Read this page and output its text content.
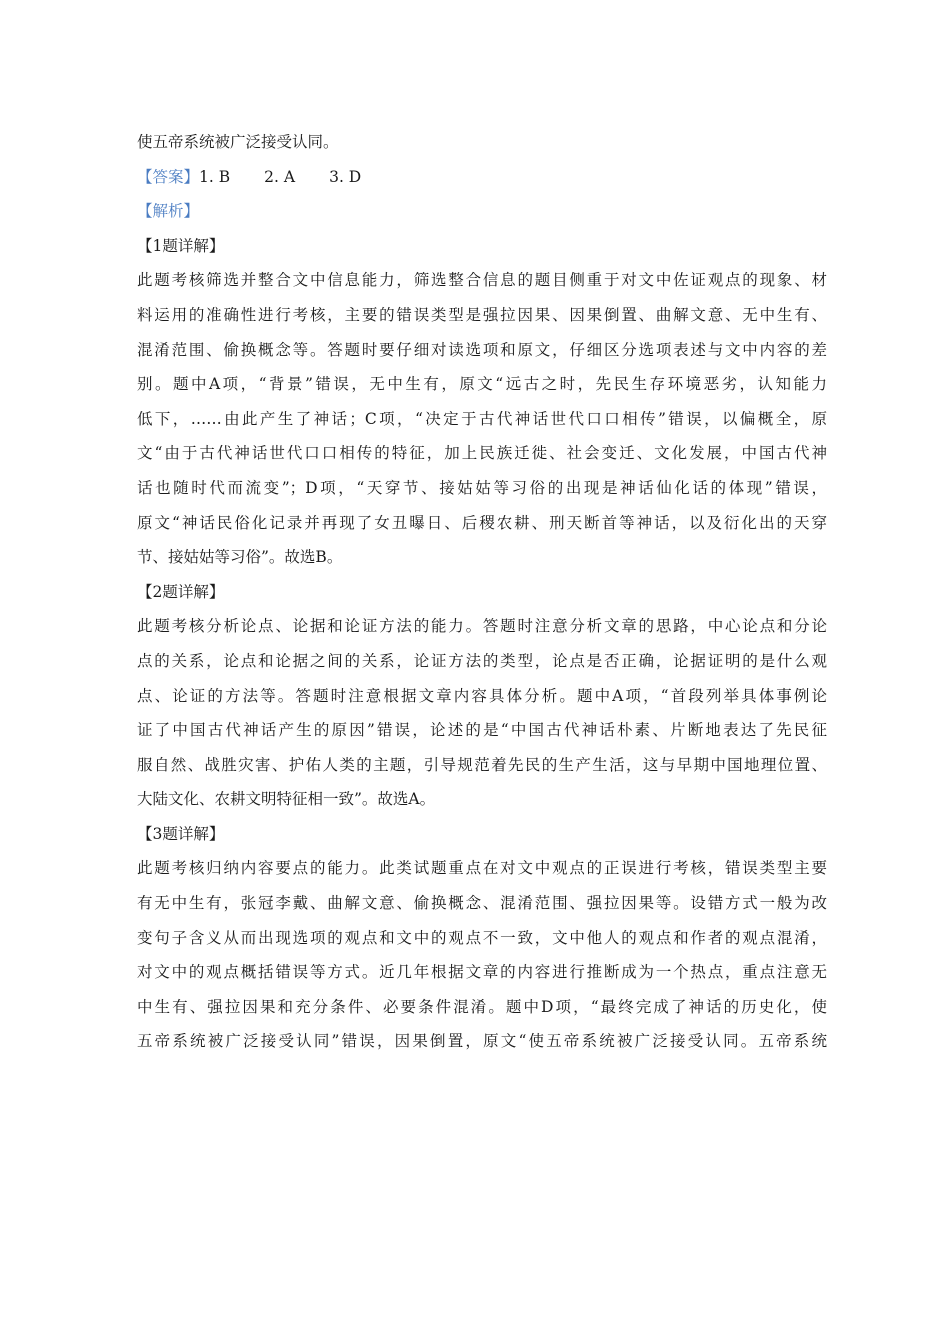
使五帝系统被广泛接受认同。
【答案】1. B 2. A 3. D
【解析】
【1题详解】
此题考核筛选并整合文中信息能力，筛选整合信息的题目侧重于对文中佐证观点的现象、材
料运用的准确性进行考核，主要的错误类型是强拉因果、因果倒置、曲解文意、无中生有、
混淆范围、偷换概念等。答题时要仔细对读选项和原文，仔细区分选项表述与文中内容的差
别。题中A项，“背景”错误，无中生有，原文“远古之时，先民生存环境恶劣，认知能力
低下，……由此产生了神话；C项，“决定于古代神话世代口口相传”错误，以偏概全，原
文“由于古代神话世代口口相传的特征，加上民族迁徙、社会变迁、文化发展，中国古代神
话也随时代而流变”；D项，“天穿节、接姑姑等习俗的出现是神话仙化话的体现”错误，
原文“神话民俗化记录并再现了女丑曝日、后稷农耕、刑天断首等神话，以及衍化出的天穿
节、接姑姑等习俗”。故选B。
【2题详解】
此题考核分析论点、论据和论证方法的能力。答题时注意分析文章的思路，中心论点和分论
点的关系，论点和论据之间的关系，论证方法的类型，论点是否正确，论据证明的是什么观
点、论证的方法等。答题时注意根据文章内容具体分析。题中A项，“首段列举具体事例论
证了中国古代神话产生的原因”错误，论述的是“中国古代神话朴素、片断地表达了先民征
服自然、战胜灾害、护佑人类的主题，引导规范着先民的生产生活，这与早期中国地理位置、
大陆文化、农耕文明特征相一致”。故选A。
【3题详解】
此题考核归纳内容要点的能力。此类试题重点在对文中观点的正误进行考核，错误类型主要
有无中生有，张冠李戴、曲解文意、偷换概念、混淆范围、强拉因果等。设错方式一般为改
变句子含义从而出现选项的观点和文中的观点不一致，文中他人的观点和作者的观点混淆，
对文中的观点概括错误等方式。近几年根据文章的内容进行推断成为一个热点，重点注意无
中生有、强拉因果和充分条件、必要条件混淆。题中D项，“最终完成了神话的历史化，使
五帝系统被广泛接受认同”错误，因果倒置，原文“使五帝系统被广泛接受认同。五帝系统
